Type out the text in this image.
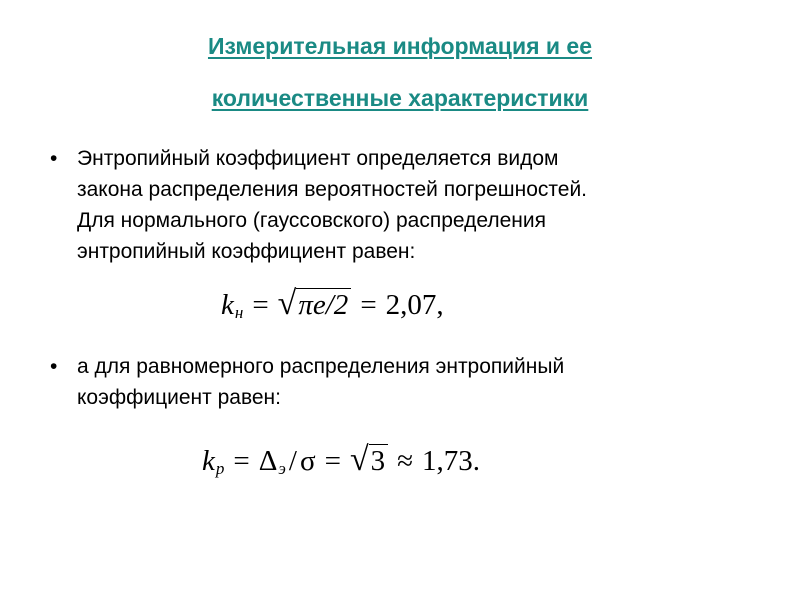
Измерительная информация и ее
количественные характеристики
• Энтропийный коэффициент определяется видом
закона распределения вероятностей погрешностей.
Для нормального (гауссовского) распределения
энтропийный коэффициент равен:
k н = √ πe/2 = 2,07,
• а для равномерного распределения энтропийный
коэффициент равен:
k р = Δ э / σ = √ 3 ≈ 1,73.
